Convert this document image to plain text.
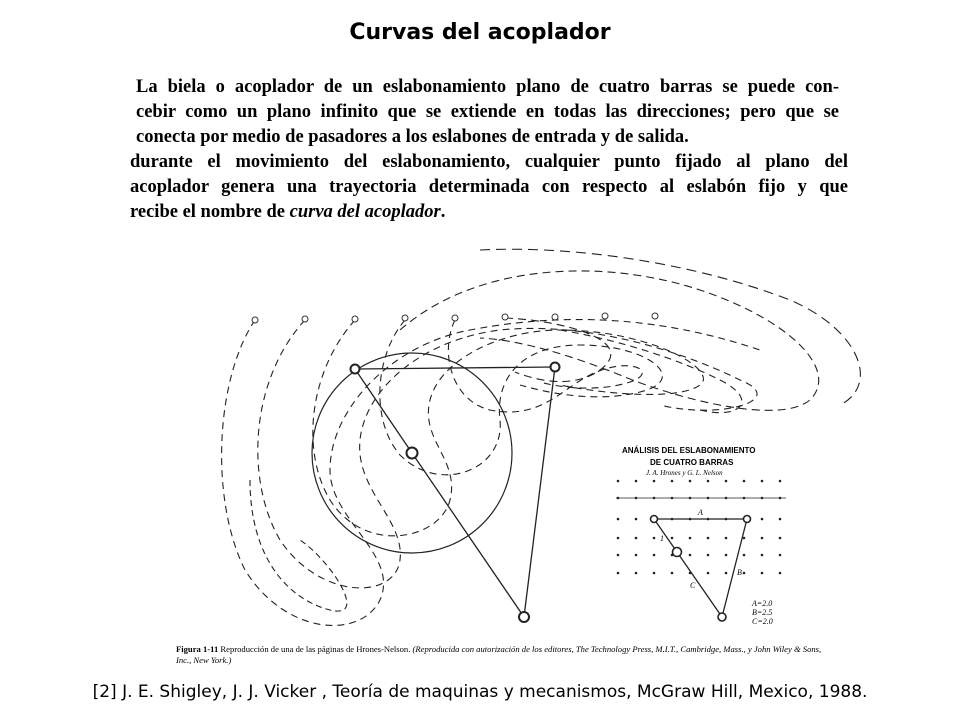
Curvas del acoplador
La biela o acoplador de un eslabonamiento plano de cuatro barras se puede con-
cebir como un plano infinito que se extiende en todas las direcciones; pero que se
conecta por medio de pasadores a los eslabones de entrada y de salida.
durante el movimiento del eslabonamiento, cualquier punto fijado al plano del
acoplador genera una trayectoria determinada con respecto al eslabón fijo y que
recibe el nombre de curva del acoplador.
ANÁLISIS DEL ESLABONAMIENTO
DE CUATRO BARRAS
J. A. Hrones y G. L. Nelson
A
1
C
B
A=2.0
B=2.5
C=2.0
Figura 1-11 Reproducción de una de las páginas de Hrones-Nelson. (Reproducida con autorización de los editores, The Technology Press, M.I.T., Cambridge, Mass., y John Wiley & Sons, Inc., New York.)
[2] J. E. Shigley, J. J. Vicker , Teoría de maquinas y mecanismos, McGraw Hill, Mexico, 1988.
